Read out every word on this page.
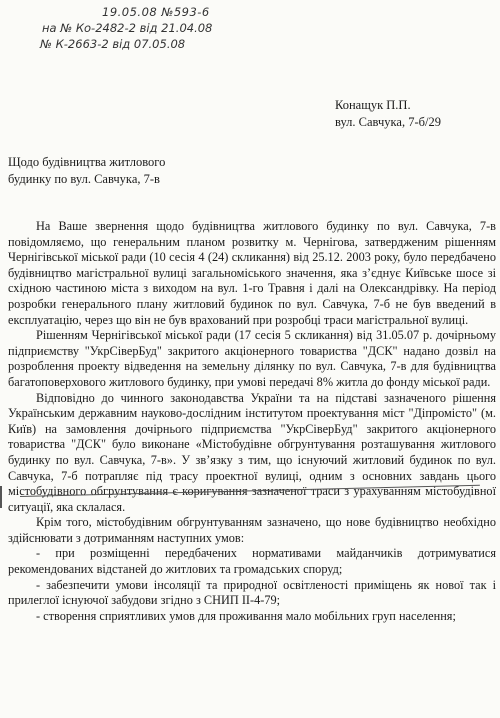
19.05.08 №593-6
на № Ко-2482-2 від 21.04.08
№ К-2663-2 від 07.05.08
Конащук П.П.
вул. Савчука, 7-б/29
Щодо будівництва житлового
будинку по вул. Савчука, 7-в

На Ваше звернення щодо будівництва житлового будинку по вул. Савчука, 7-в повідомляємо, що генеральним планом розвитку м. Чернігова, затвердженим рішенням Чернігівської міської ради (10 сесія 4 (24) скликання) від 25.12. 2003 року, було передбачено будівництво магістральної вулиці загальноміського значення, яка з’єднує Київське шосе зі східною частиною міста з виходом на вул. 1-го Травня і далі на Олександрівку. На період розробки генерального плану житловий будинок по вул. Савчука, 7-б не був введений в експлуатацію, через що він не був врахований при розробці траси магістральної вулиці.

Рішенням Чернігівської міської ради (17 сесія 5 скликання) від 31.05.07 р. дочірньому підприємству "УкрСіверБуд" закритого акціонерного товариства "ДСК" надано дозвіл на розроблення проекту відведення на земельну ділянку по вул. Савчука, 7-в для будівництва багатоповерхового житлового будинку, при умові передачі 8% житла до фонду міської ради.

Відповідно до чинного законодавства України та на підставі зазначеного рішення Українським державним науково-дослідним інститутом проектування міст "Діпромісто" (м. Київ) на замовлення дочірнього підприємства "УкрСіверБуд" закритого акціонерного товариства "ДСК" було виконане «Містобудівне обгрунтування розташування житлового будинку по вул. Савчука, 7-в». У зв’язку з тим, що існуючий житловий будинок по вул. Савчука, 7-б потрапляє під трасу проектної вулиці, одним з основних завдань цього містобудівного обгрунтування є коригування зазначеної траси з урахуванням містобудівної ситуації, яка склалася.

Крім того, містобудівним обгрунтуванням зазначено, що нове будівництво необхідно здійснювати з дотриманням наступних умов:

- при розміщенні передбачених нормативами майданчиків дотримуватися рекомендованих відстаней до житлових та громадських споруд;

- забезпечити умови інсоляції та природної освітленості приміщень як нової так і прилеглої існуючої забудови згідно з СНИП ІІ-4-79;

- створення сприятливих умов для проживання мало мобільних груп населення;
